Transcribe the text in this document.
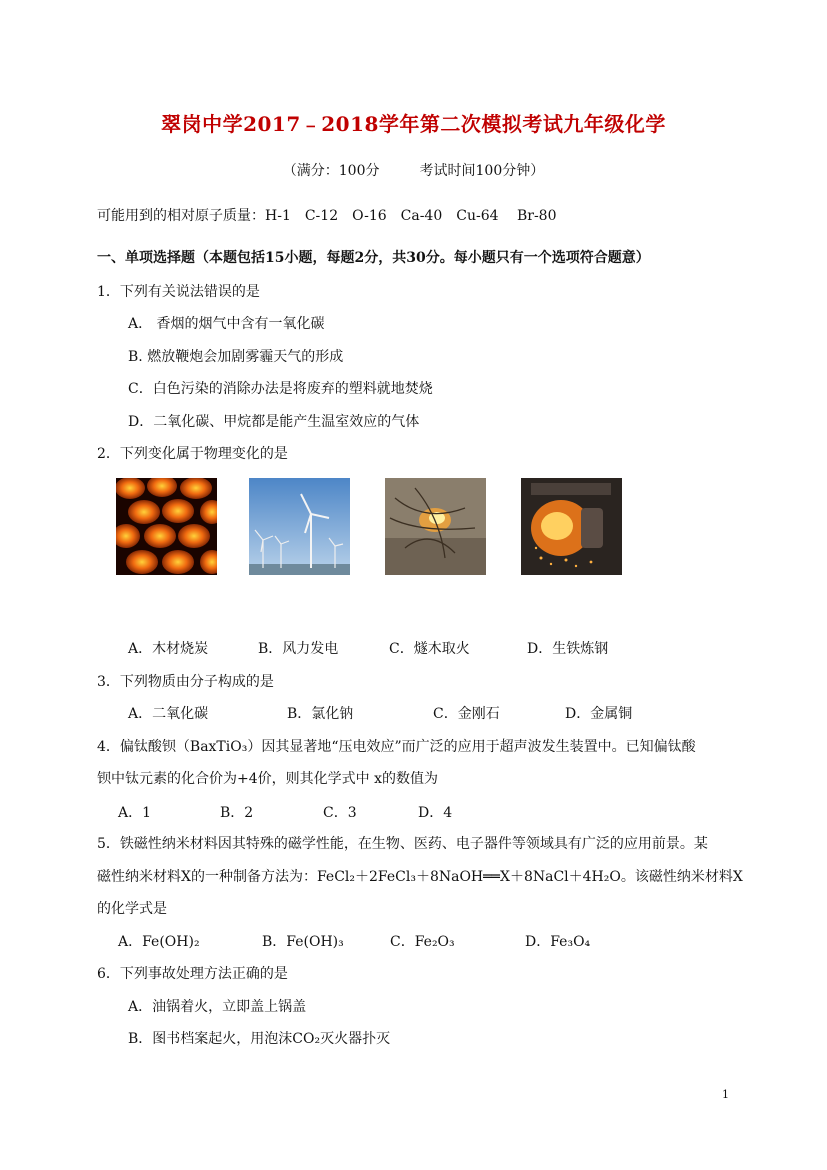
翠岗中学2017﹣2018学年第二次模拟考试九年级化学
（满分：100分	考试时间100分钟）
可能用到的相对原子质量：H-1　C-12　O-16　Ca-40　Cu-64　 Br-80
一、单项选择题（本题包括15小题，每题2分，共30分。每小题只有一个选项符合题意）
1．下列有关说法错误的是
A． 香烟的烟气中含有一氧化碳
B. 燃放鞭炮会加剧雾霾天气的形成
C．白色污染的消除办法是将废弃的塑料就地焚烧
D．二氧化碳、甲烷都是能产生温室效应的气体
2．下列变化属于物理变化的是
A．木材烧炭	B．风力发电	C．燧木取火	D．生铁炼钢
3．下列物质由分子构成的是
A．二氧化碳	B．氯化钠	C．金刚石	D．金属铜
4．偏钛酸钡（BaxTiO₃）因其显著地“压电效应”而广泛的应用于超声波发生装置中。已知偏钛酸
钡中钛元素的化合价为+4价，则其化学式中 x的数值为
A．1	B．2	C．3	D．4
5．铁磁性纳米材料因其特殊的磁学性能，在生物、医药、电子器件等领域具有广泛的应用前景。某
磁性纳米材料X的一种制备方法为：FeCl₂＋2FeCl₃＋8NaOH══X＋8NaCl＋4H₂O。该磁性纳米材料X
的化学式是
A．Fe(OH)₂	B．Fe(OH)₃	C．Fe₂O₃	D．Fe₃O₄
6．下列事故处理方法正确的是
A．油锅着火，立即盖上锅盖
B．图书档案起火，用泡沫CO₂灭火器扑灭
1
